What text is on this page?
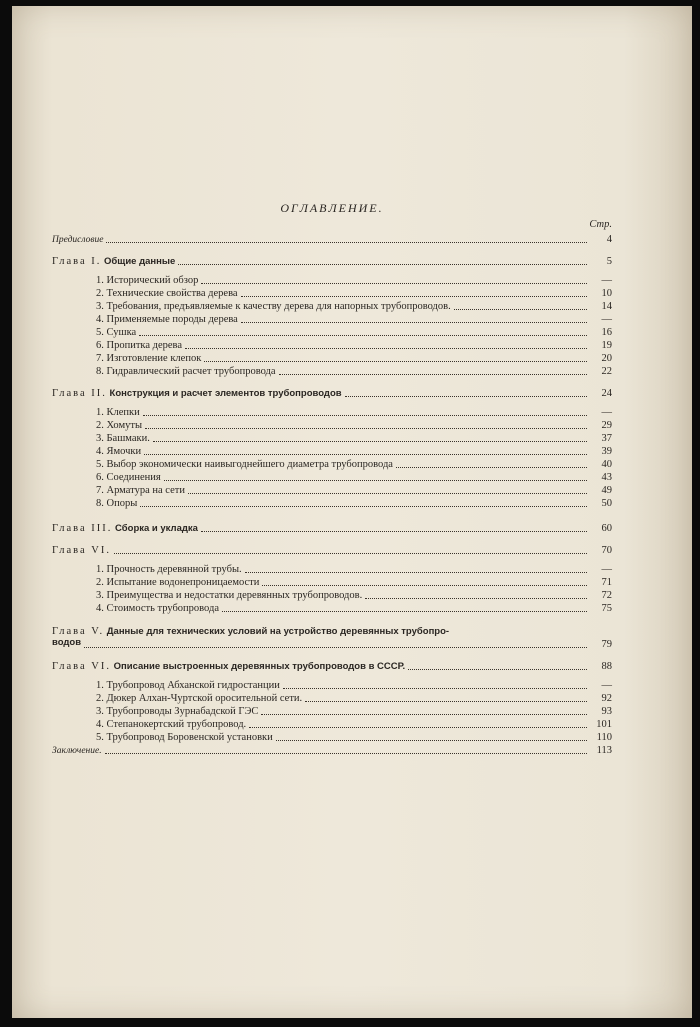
ОГЛАВЛЕНИЕ.
Стр.
Предисловие	4
Глава I. Общие данные	5
1. Исторический обзор	—
2. Технические свойства дерева	10
3. Требования, предъявляемые к качеству дерева для напорных трубопроводов.	14
4. Применяемые породы дерева	—
5. Сушка	16
6. Пропитка дерева	19
7. Изготовление клепок	20
8. Гидравлический расчет трубопровода	22
Глава II. Конструкция и расчет элементов трубопроводов	24
1. Клепки	—
2. Хомуты	29
3. Башмаки.	37
4. Ямочки	39
5. Выбор экономически наивыгоднейшего диаметра трубопровода	40
6. Соединения	43
7. Арматура на сети	49
8. Опоры	50
Глава III. Сборка и укладка	60
Глава VI.	70
1. Прочность деревянной трубы.	—
2. Испытание водонепроницаемости	71
3. Преимущества и недостатки деревянных трубопроводов.	72
4. Стоимость трубопровода	75
Глава V. Данные для технических условий на устройство деревянных трубопро-
водов	79
Глава VI. Описание выстроенных деревянных трубопроводов в СССР.	88
1. Трубопровод Абханской гидростанции	—
2. Дюкер Алхан-Чуртской оросительной сети.	92
3. Трубопроводы Зурнабадской ГЭС	93
4. Степанокертский трубопровод.	101
5. Трубопровод Боровенской установки	110
Заключение.	113
